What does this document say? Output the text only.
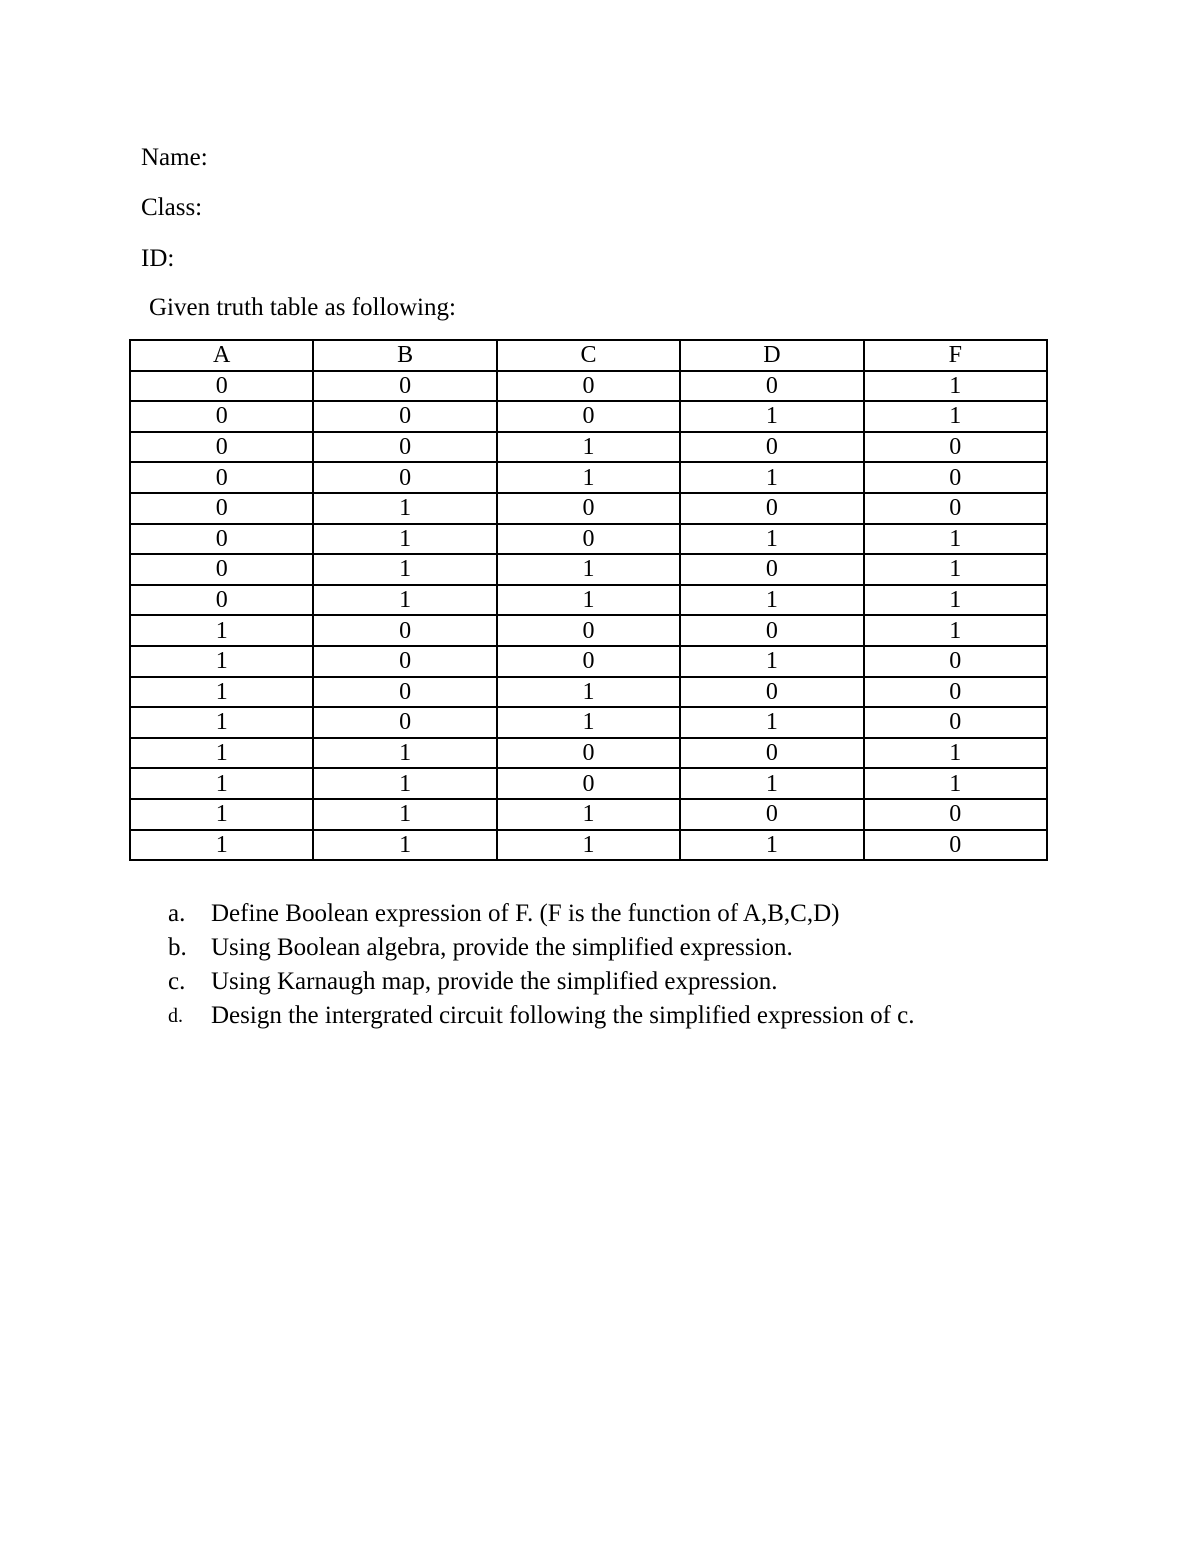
Name:
Class:
ID:
Given truth table as following:
A	B	C	D	F
0	0	0	0	1
0	0	0	1	1
0	0	1	0	0
0	0	1	1	0
0	1	0	0	0
0	1	0	1	1
0	1	1	0	1
0	1	1	1	1
1	0	0	0	1
1	0	0	1	0
1	0	1	0	0
1	0	1	1	0
1	1	0	0	1
1	1	0	1	1
1	1	1	0	0
1	1	1	1	0
a.	Define Boolean expression of F. (F is the function of A,B,C,D)
b. Using Boolean algebra, provide the simplified expression.
c.	Using Karnaugh map, provide the simplified expression.
d.	Design the intergrated circuit following the simplified expression of c.
